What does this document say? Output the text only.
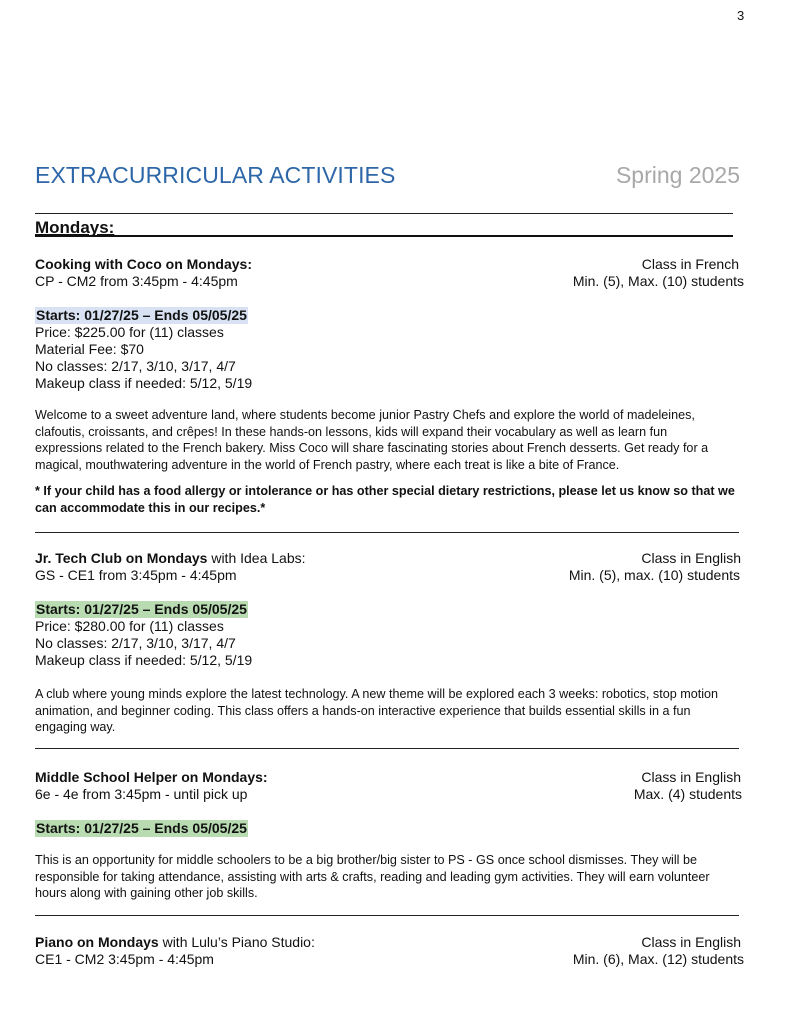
3
EXTRACURRICULAR ACTIVITIES	Spring 2025
Mondays:
Cooking with Coco on Mondays:	Class in French
CP - CM2 from 3:45pm - 4:45pm	Min. (5), Max. (10) students
Starts: 01/27/25 – Ends 05/05/25
Price: $225.00 for (11) classes
Material Fee: $70
No classes: 2/17, 3/10, 3/17, 4/7
Makeup class if needed: 5/12, 5/19
Welcome to a sweet adventure land, where students become junior Pastry Chefs and explore the world of madeleines, clafoutis, croissants, and crêpes! In these hands-on lessons, kids will expand their vocabulary as well as learn fun expressions related to the French bakery. Miss Coco will share fascinating stories about French desserts. Get ready for a magical, mouthwatering adventure in the world of French pastry, where each treat is like a bite of France.
* If your child has a food allergy or intolerance or has other special dietary restrictions, please let us know so that we can accommodate this in our recipes.*
Jr. Tech Club on Mondays with Idea Labs:	Class in English
GS - CE1 from 3:45pm - 4:45pm	Min. (5), max. (10) students
Starts: 01/27/25 – Ends 05/05/25
Price: $280.00 for (11) classes
No classes: 2/17, 3/10, 3/17, 4/7
Makeup class if needed: 5/12, 5/19
A club where young minds explore the latest technology. A new theme will be explored each 3 weeks: robotics, stop motion animation, and beginner coding. This class offers a hands-on interactive experience that builds essential skills in a fun engaging way.
Middle School Helper on Mondays:	Class in English
6e - 4e from 3:45pm - until pick up	Max. (4) students
Starts: 01/27/25 – Ends 05/05/25
This is an opportunity for middle schoolers to be a big brother/big sister to PS - GS once school dismisses. They will be responsible for taking attendance, assisting with arts & crafts, reading and leading gym activities. They will earn volunteer hours along with gaining other job skills.
Piano on Mondays with Lulu’s Piano Studio:	Class in English
CE1 - CM2 3:45pm - 4:45pm	Min. (6), Max. (12) students
